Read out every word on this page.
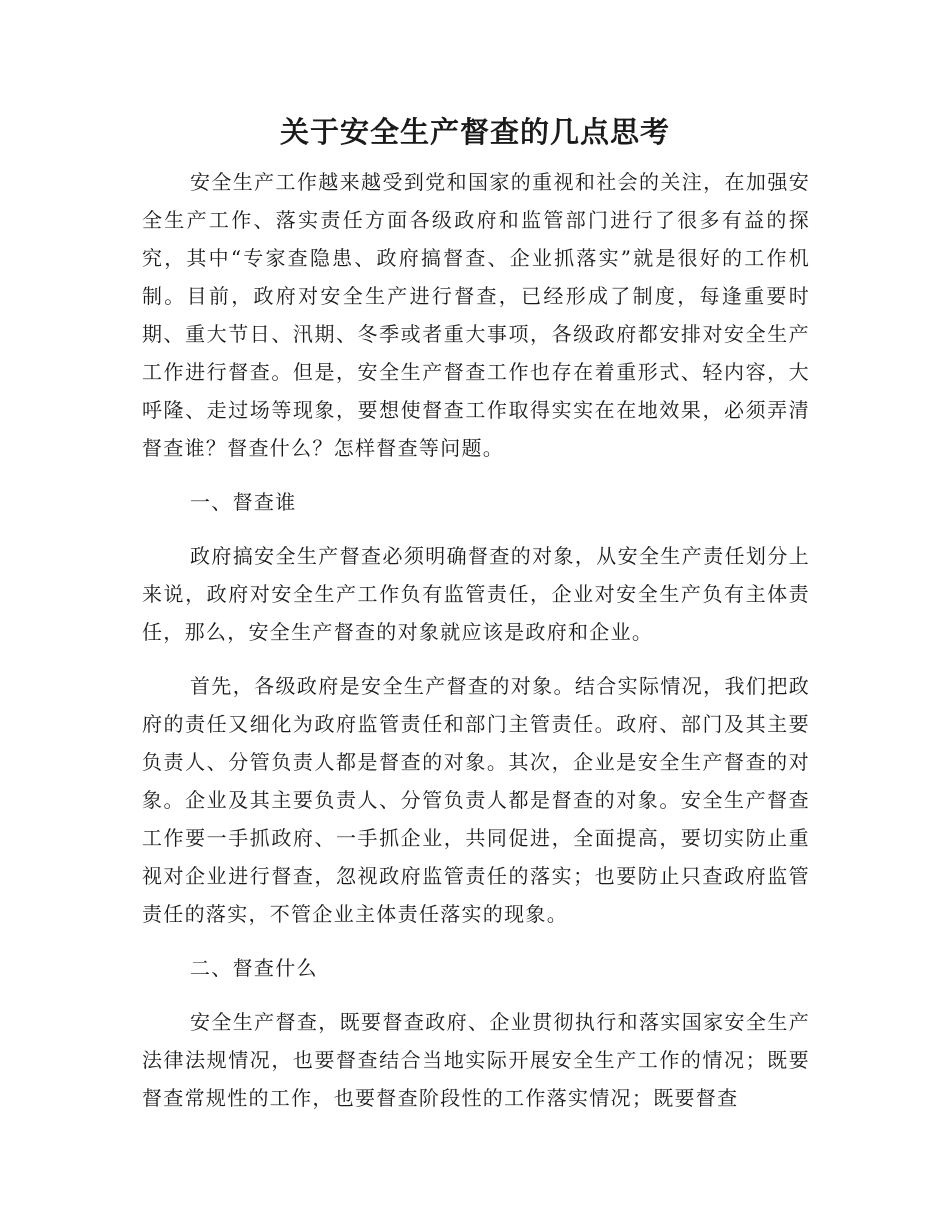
关于安全生产督查的几点思考

安全生产工作越来越受到党和国家的重视和社会的关注，在加强安全生产工作、落实责任方面各级政府和监管部门进行了很多有益的探究，其中“专家查隐患、政府搞督查、企业抓落实”就是很好的工作机制。目前，政府对安全生产进行督查，已经形成了制度，每逢重要时期、重大节日、汛期、冬季或者重大事项，各级政府都安排对安全生产工作进行督查。但是，安全生产督查工作也存在着重形式、轻内容，大呼隆、走过场等现象，要想使督查工作取得实实在在地效果，必须弄清督查谁？督查什么？怎样督查等问题。

一、督查谁

政府搞安全生产督查必须明确督查的对象，从安全生产责任划分上来说，政府对安全生产工作负有监管责任，企业对安全生产负有主体责任，那么，安全生产督查的对象就应该是政府和企业。

首先，各级政府是安全生产督查的对象。结合实际情况，我们把政府的责任又细化为政府监管责任和部门主管责任。政府、部门及其主要负责人、分管负责人都是督查的对象。其次，企业是安全生产督查的对象。企业及其主要负责人、分管负责人都是督查的对象。安全生产督查工作要一手抓政府、一手抓企业，共同促进，全面提高，要切实防止重视对企业进行督查，忽视政府监管责任的落实；也要防止只查政府监管责任的落实，不管企业主体责任落实的现象。

二、督查什么

安全生产督查，既要督查政府、企业贯彻执行和落实国家安全生产法律法规情况，也要督查结合当地实际开展安全生产工作的情况；既要督查常规性的工作，也要督查阶段性的工作落实情况；既要督查
